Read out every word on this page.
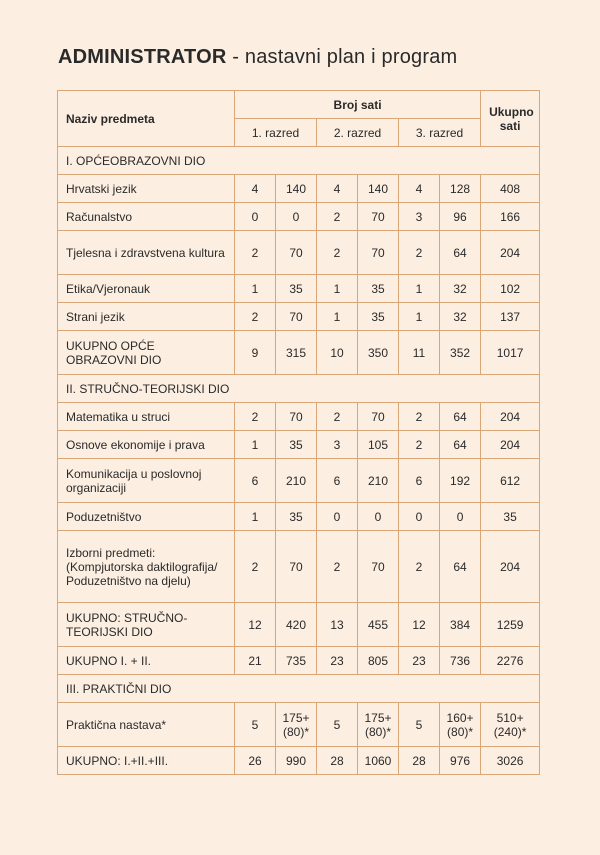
ADMINISTRATOR - nastavni plan i program
Naziv predmeta	Broj sati						Ukupno sati
	1. razred		2. razred		3. razred		
I. OPĆEOBRAZOVNI DIO							
Hrvatski jezik	4	140	4	140	4	128	408
Računalstvo	0	0	2	70	3	96	166
Tjelesna i zdravstvena kultura	2	70	2	70	2	64	204
Etika/Vjeronauk	1	35	1	35	1	32	102
Strani jezik	2	70	1	35	1	32	137
UKUPNO OPĆE OBRAZOVNI DIO	9	315	10	350	11	352	1017
II. STRUČNO-TEORIJSKI DIO							
Matematika u struci	2	70	2	70	2	64	204
Osnove ekonomije i prava	1	35	3	105	2	64	204
Komunikacija u poslovnoj organizaciji	6	210	6	210	6	192	612
Poduzetništvo	1	35	0	0	0	0	35
Izborni predmeti: (Kompjutorska daktilografija/ Poduzetništvo na djelu)	2	70	2	70	2	64	204
UKUPNO: STRUČNO-TEORIJSKI DIO	12	420	13	455	12	384	1259
UKUPNO I. + II.	21	735	23	805	23	736	2276
III. PRAKTIČNI DIO							
Praktična nastava*	5	175+ (80)*	5	175+ (80)*	5	160+ (80)*	510+ (240)*
UKUPNO: I.+II.+III.	26	990	28	1060	28	976	3026
